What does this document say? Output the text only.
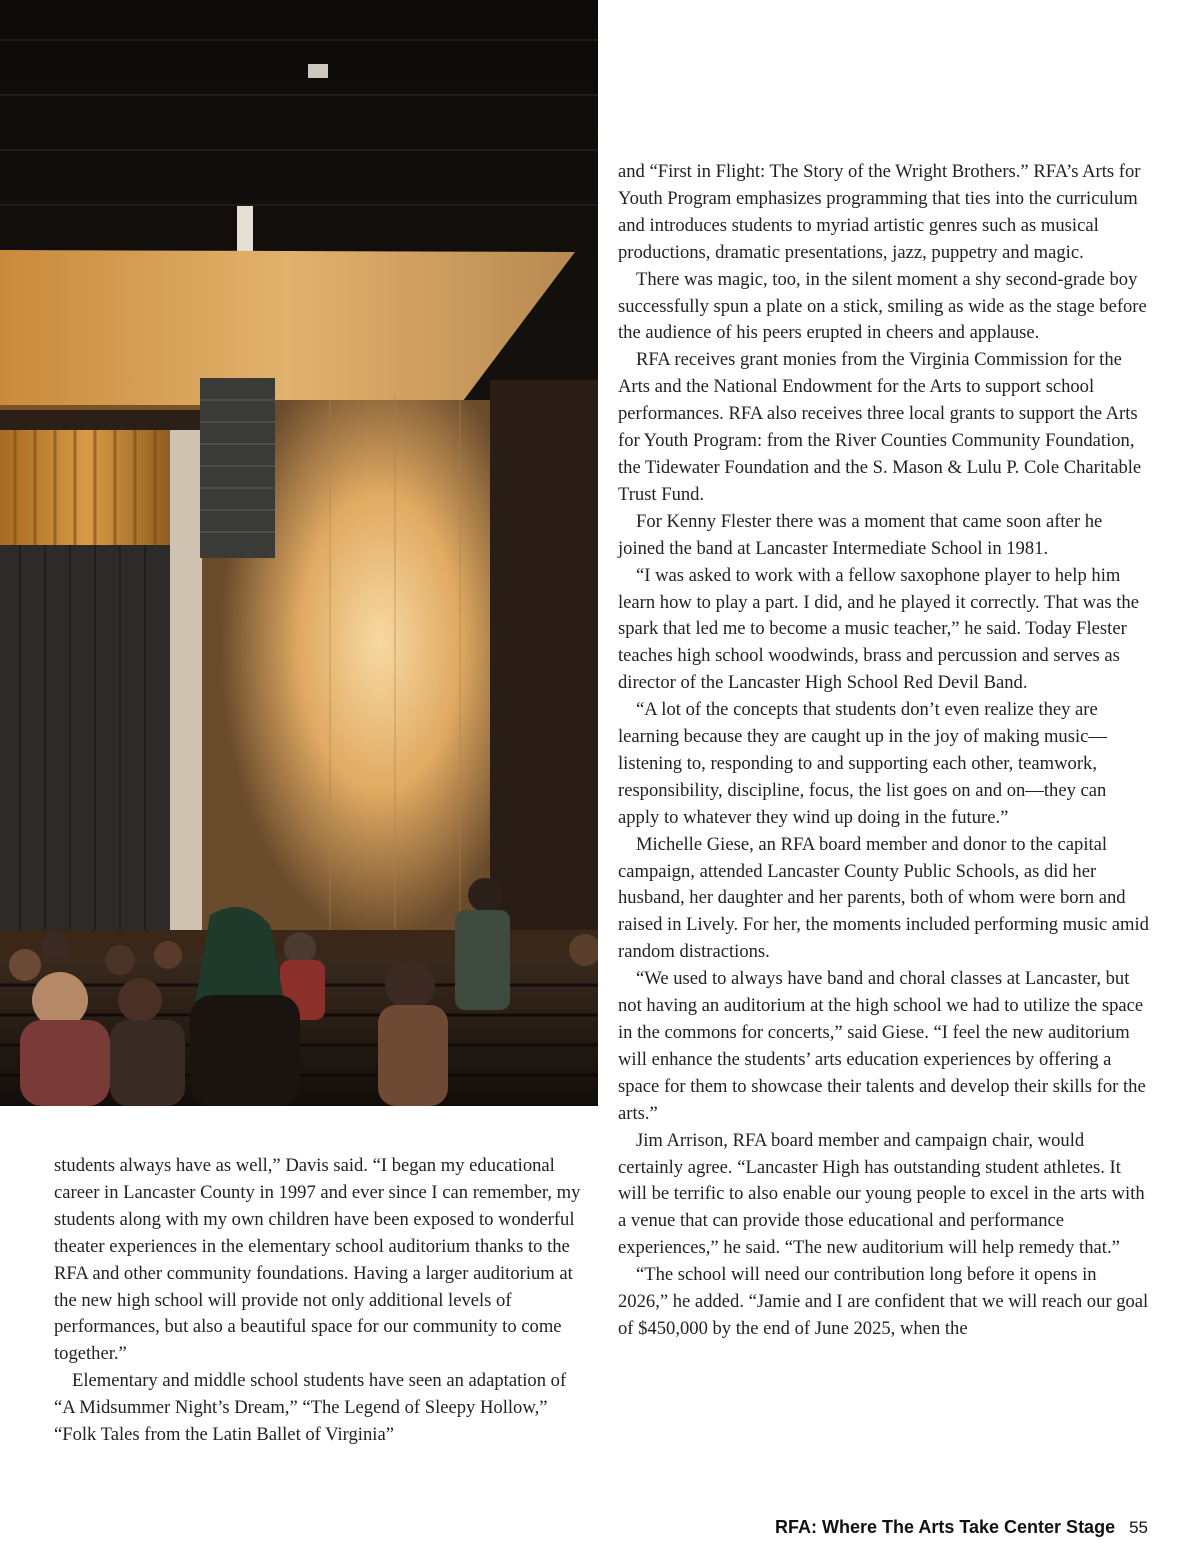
students always have as well,” Davis said. “I began my educational career in Lancaster County in 1997 and ever since I can remember, my students along with my own children have been exposed to wonderful theater experiences in the elementary school auditorium thanks to the RFA and other community foundations. Having a larger auditorium at the new high school will provide not only additional levels of performances, but also a beautiful space for our community to come together.”

Elementary and middle school students have seen an adaptation of “A Midsummer Night’s Dream,” “The Legend of Sleepy Hollow,” “Folk Tales from the Latin Ballet of Virginia”

and “First in Flight: The Story of the Wright Brothers.” RFA’s Arts for Youth Program emphasizes programming that ties into the curriculum and introduces students to myriad artistic genres such as musical productions, dramatic presentations, jazz, puppetry and magic.

There was magic, too, in the silent moment a shy second-grade boy successfully spun a plate on a stick, smiling as wide as the stage before the audience of his peers erupted in cheers and applause.

RFA receives grant monies from the Virginia Commission for the Arts and the National Endowment for the Arts to support school performances. RFA also receives three local grants to support the Arts for Youth Program: from the River Counties Community Foundation, the Tidewater Foundation and the S. Mason & Lulu P. Cole Charitable Trust Fund.

For Kenny Flester there was a moment that came soon after he joined the band at Lancaster Intermediate School in 1981.

“I was asked to work with a fellow saxophone player to help him learn how to play a part. I did, and he played it correctly. That was the spark that led me to become a music teacher,” he said. Today Flester teaches high school woodwinds, brass and percussion and serves as director of the Lancaster High School Red Devil Band.

“A lot of the concepts that students don’t even realize they are learning because they are caught up in the joy of making music—listening to, responding to and supporting each other, teamwork, responsibility, discipline, focus, the list goes on and on—they can apply to whatever they wind up doing in the future.”

Michelle Giese, an RFA board member and donor to the capital campaign, attended Lancaster County Public Schools, as did her husband, her daughter and her parents, both of whom were born and raised in Lively. For her, the moments included performing music amid random distractions.

“We used to always have band and choral classes at Lancaster, but not having an auditorium at the high school we had to utilize the space in the commons for concerts,” said Giese. “I feel the new auditorium will enhance the students’ arts education experiences by offering a space for them to showcase their talents and develop their skills for the arts.”

Jim Arrison, RFA board member and campaign chair, would certainly agree. “Lancaster High has outstanding student athletes. It will be terrific to also enable our young people to excel in the arts with a venue that can provide those educational and performance experiences,” he said. “The new auditorium will help remedy that.”

“The school will need our contribution long before it opens in 2026,” he added. “Jamie and I are confident that we will reach our goal of $450,000 by the end of June 2025, when the

RFA: Where The Arts Take Center Stage 55
